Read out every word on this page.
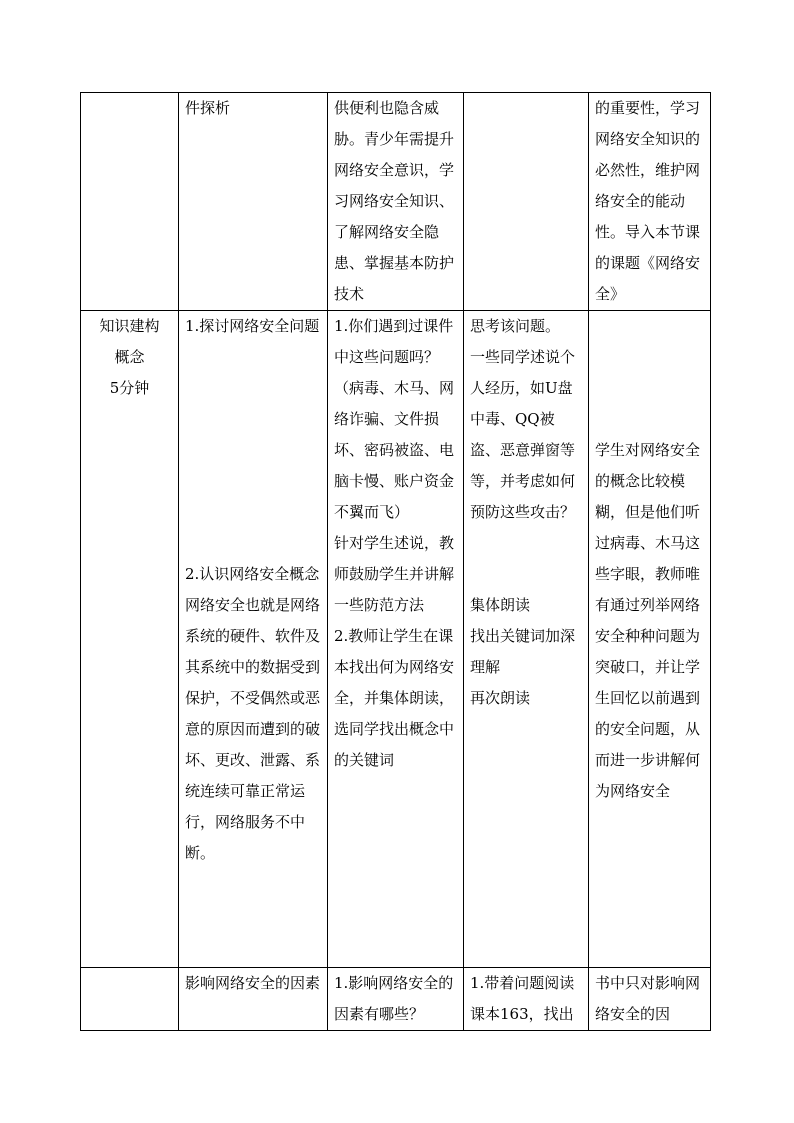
	件探析	供便利也隐含威胁。青少年需提升网络安全意识，学习网络安全知识、了解网络安全隐患、掌握基本防护技术		的重要性，学习网络安全知识的必然性，维护网络安全的能动性。导入本节课的课题《网络安全》

知识建构
概念
5分钟	1.探讨网络安全问题
2.认识网络安全概念
网络安全也就是网络系统的硬件、软件及其系统中的数据受到保护，不受偶然或恶意的原因而遭到的破坏、更改、泄露、系统连续可靠正常运行，网络服务不中断。	1.你们遇到过课件中这些问题吗？（病毒、木马、网络诈骗、文件损坏、密码被盗、电脑卡慢、账户资金不翼而飞）
针对学生述说，教师鼓励学生并讲解一些防范方法
2.教师让学生在课本找出何为网络安全，并集体朗读，选同学找出概念中的关键词	思考该问题。
一些同学述说个人经历，如U盘中毒、QQ被盗、恶意弹窗等等，并考虑如何预防这些攻击？
集体朗读
找出关键词加深理解
再次朗读	学生对网络安全的概念比较模糊，但是他们听过病毒、木马这些字眼，教师唯有通过列举网络安全种种问题为突破口，并让学生回忆以前遇到的安全问题，从而进一步讲解何为网络安全

	影响网络安全的因素	1.影响网络安全的因素有哪些？	1.带着问题阅读课本163，找出	书中只对影响网络安全的因
